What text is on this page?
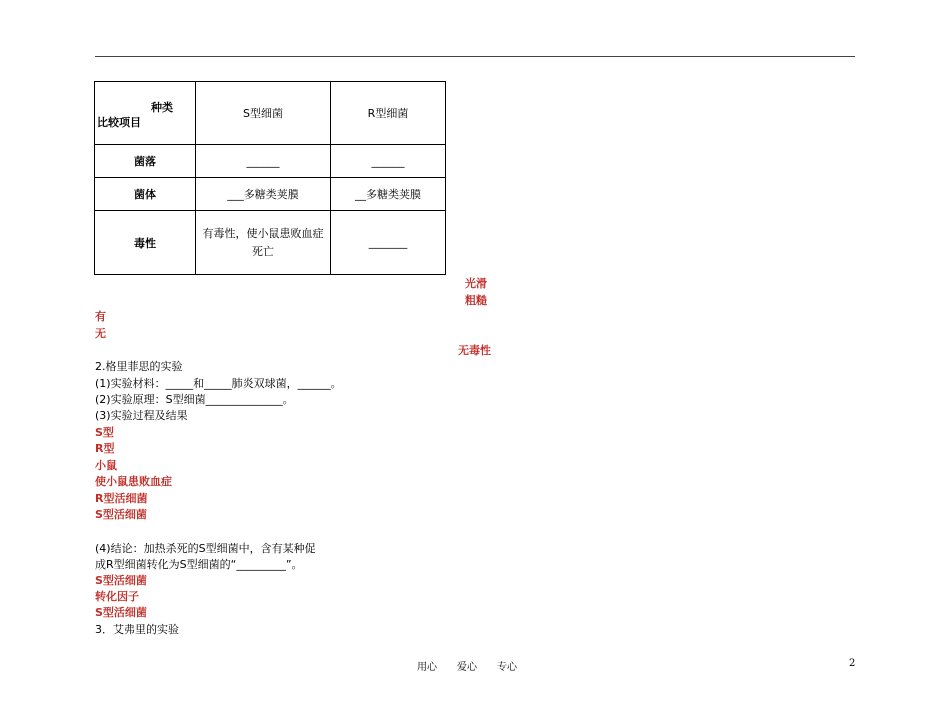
种类
比较项目	S型细菌	R型细菌
菌落	______	______
菌体	___多糖类荚膜	__多糖类荚膜
毒性	有毒性，使小鼠患败血症死亡	_______
光滑
粗糙
有
无
无毒性
2.格里菲思的实验
(1)实验材料：_____和_____肺炎双球菌，______。
(2)实验原理：S型细菌______________。
(3)实验过程及结果
S型
R型
小鼠
使小鼠患败血症
R型活细菌
S型活细菌
(4)结论：加热杀死的S型细菌中，含有某种促
成R型细菌转化为S型细菌的“_________”。
S型活细菌
转化因子
S型活细菌
3．艾弗里的实验
用心　　爱心　　专心	2
